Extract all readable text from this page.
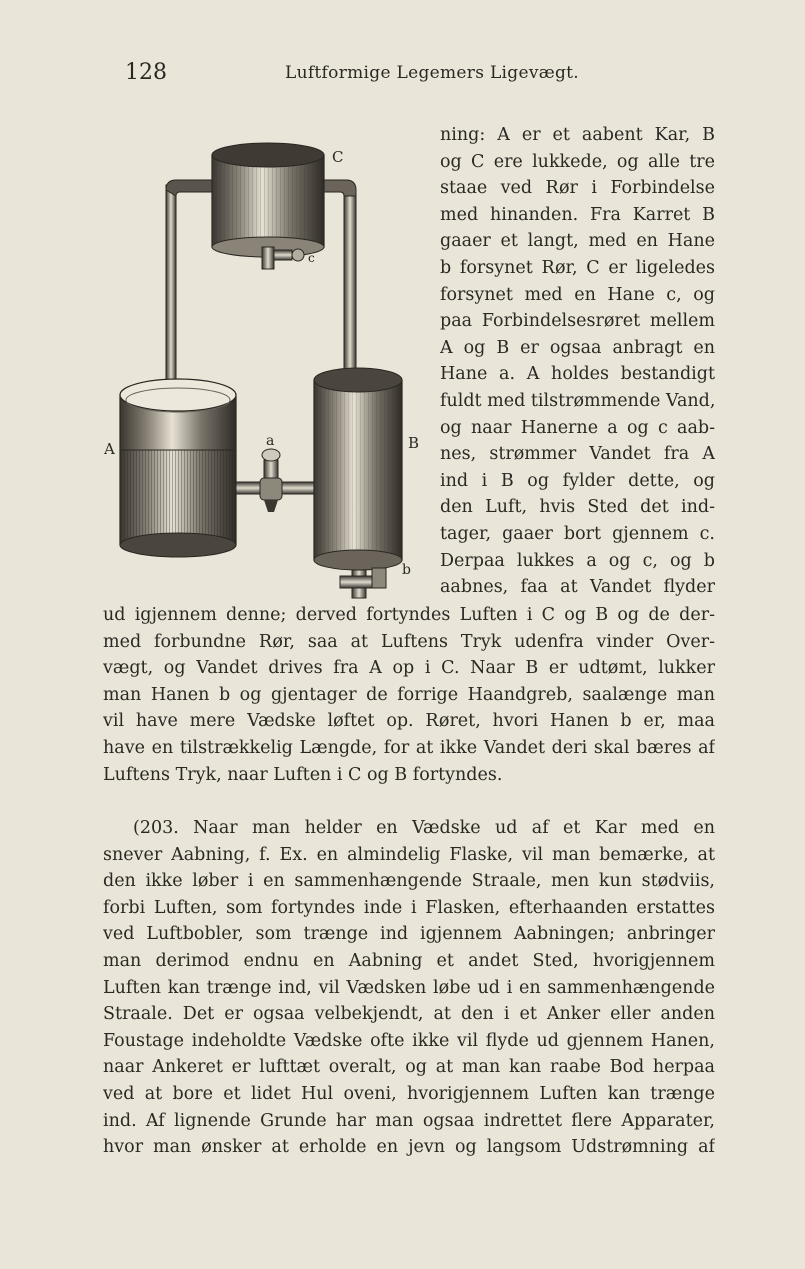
128	Luftformige Legemers Ligevægt.
C
c
A	a	B
b
ning: A er et aabent Kar, B
og C ere lukkede, og alle tre
staae ved Rør i Forbindelse
med hinanden. Fra Karret B
gaaer et langt, med en Hane
b forsynet Rør, C er ligeledes
forsynet med en Hane c, og
paa Forbindelsesrøret mellem
A og B er ogsaa anbragt en
Hane a. A holdes bestandigt
fuldt med tilstrømmende Vand,
og naar Hanerne a og c aab-
nes, strømmer Vandet fra A
ind i B og fylder dette, og
den Luft, hvis Sted det ind-
tager, gaaer bort gjennem c.
Derpaa lukkes a og c, og b
aabnes, faa at Vandet flyder
ud igjennem denne; derved fortyndes Luften i C og B og de der-
med forbundne Rør, saa at Luftens Tryk udenfra vinder Over-
vægt, og Vandet drives fra A op i C. Naar B er udtømt, lukker
man Hanen b og gjentager de forrige Haandgreb, saalænge man
vil have mere Vædske løftet op. Røret, hvori Hanen b er, maa
have en tilstrækkelig Længde, for at ikke Vandet deri skal bæres af
Luftens Tryk, naar Luften i C og B fortyndes.
(203. Naar man helder en Vædske ud af et Kar med en
snever Aabning, f. Ex. en almindelig Flaske, vil man bemærke, at
den ikke løber i en sammenhængende Straale, men kun stødviis,
forbi Luften, som fortyndes inde i Flasken, efterhaanden erstattes
ved Luftbobler, som trænge ind igjennem Aabningen; anbringer
man derimod endnu en Aabning et andet Sted, hvorigjennem
Luften kan trænge ind, vil Vædsken løbe ud i en sammenhængende
Straale. Det er ogsaa velbekjendt, at den i et Anker eller anden
Foustage indeholdte Vædske ofte ikke vil flyde ud gjennem Hanen,
naar Ankeret er lufttæt overalt, og at man kan raabe Bod herpaa
ved at bore et lidet Hul oveni, hvorigjennem Luften kan trænge
ind. Af lignende Grunde har man ogsaa indrettet flere Apparater,
hvor man ønsker at erholde en jevn og langsom Udstrømning af
